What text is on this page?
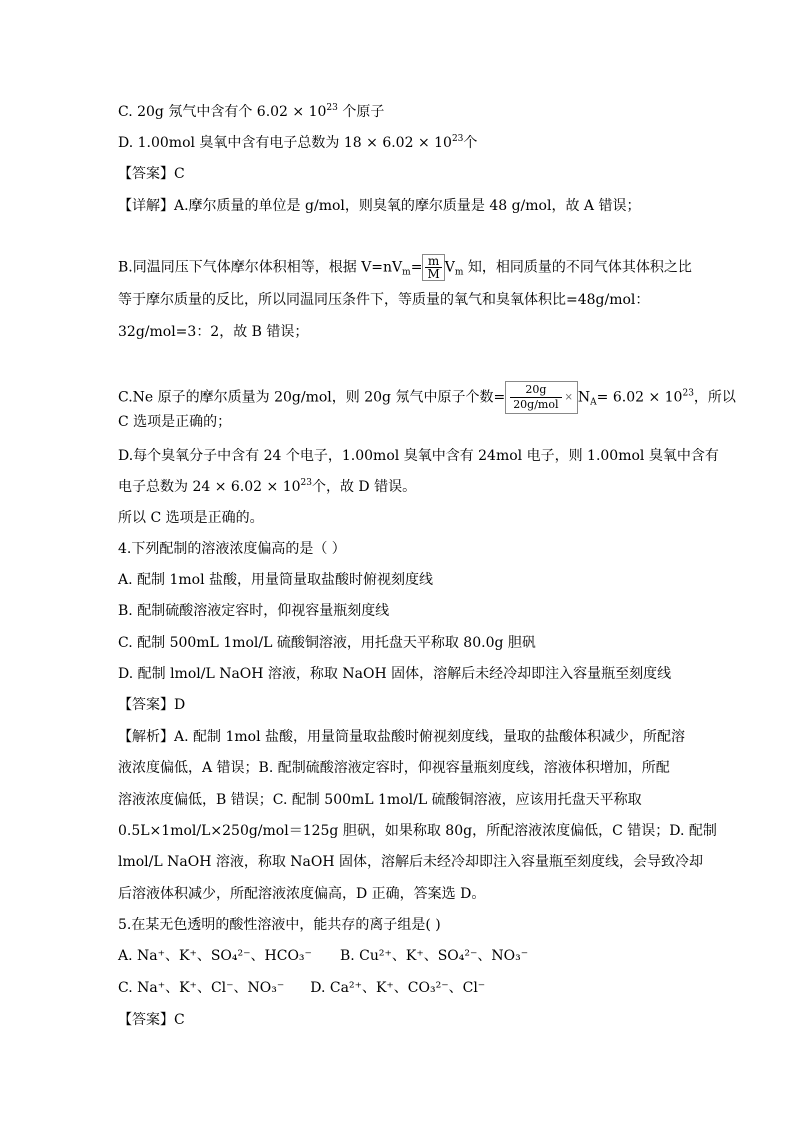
C. 20g 氖气中含有个 $6.02 \times 10^{23}$ 个原子
D. 1.00mol 臭氧中含有电子总数为 $18 \times 6.02 \times 10^{23}$个
【答案】C
【详解】A.摩尔质量的单位是 g/mol，则臭氧的摩尔质量是 48 g/mol，故 A 错误；
B.同温同压下气体摩尔体积相等，根据 $V=nV_m= \frac{m}{M} V_m$ 知，相同质量的不同气体其体积之比
等于摩尔质量的反比，所以同温同压条件下，等质量的氧气和臭氧体积比=48g/mol：
32g/mol=3：2，故 B 错误；
C.Ne 原子的摩尔质量为 20g/mol，则 20g 氖气中原子个数= $\frac{20g}{\text{20g/mol}} \times N_A= 6.02 \times 10^{23}$，所以
C 选项是正确的；
D.每个臭氧分子中含有 24 个电子，1.00mol 臭氧中含有 24mol 电子，则 1.00mol 臭氧中含有
电子总数为 $24 \times 6.02 \times 10^{23}$个，故 D 错误。
所以 C 选项是正确的。
4.下列配制的溶液浓度偏高的是（ ）
A. 配制 1mol 盐酸，用量筒量取盐酸时俯视刻度线
B. 配制硫酸溶液定容时，仰视容量瓶刻度线
C. 配制 500mL 1mol/L 硫酸铜溶液，用托盘天平称取 80.0g 胆矾
D. 配制 lmol/L NaOH 溶液，称取 NaOH 固体，溶解后未经冷却即注入容量瓶至刻度线
【答案】D
【解析】A. 配制 1mol 盐酸，用量筒量取盐酸时俯视刻度线，量取的盐酸体积减少，所配溶
液浓度偏低，A 错误；B. 配制硫酸溶液定容时，仰视容量瓶刻度线，溶液体积增加，所配
溶液浓度偏低，B 错误；C. 配制 500mL 1mol/L 硫酸铜溶液，应该用托盘天平称取
0.5L×1mol/L×250g/mol＝125g 胆矾，如果称取 80g，所配溶液浓度偏低，C 错误；D. 配制
lmol/L NaOH 溶液，称取 NaOH 固体，溶解后未经冷却即注入容量瓶至刻度线，会导致冷却
后溶液体积减少，所配溶液浓度偏高，D 正确，答案选 D。
5.在某无色透明的酸性溶液中，能共存的离子组是( )
A. Na⁺、K⁺、SO₄²⁻、HCO₃⁻ B. Cu²⁺、K⁺、SO₄²⁻、NO₃⁻
C. Na⁺、K⁺、Cl⁻、NO₃⁻ D. Ca²⁺、K⁺、CO₃²⁻、Cl⁻
【答案】C
